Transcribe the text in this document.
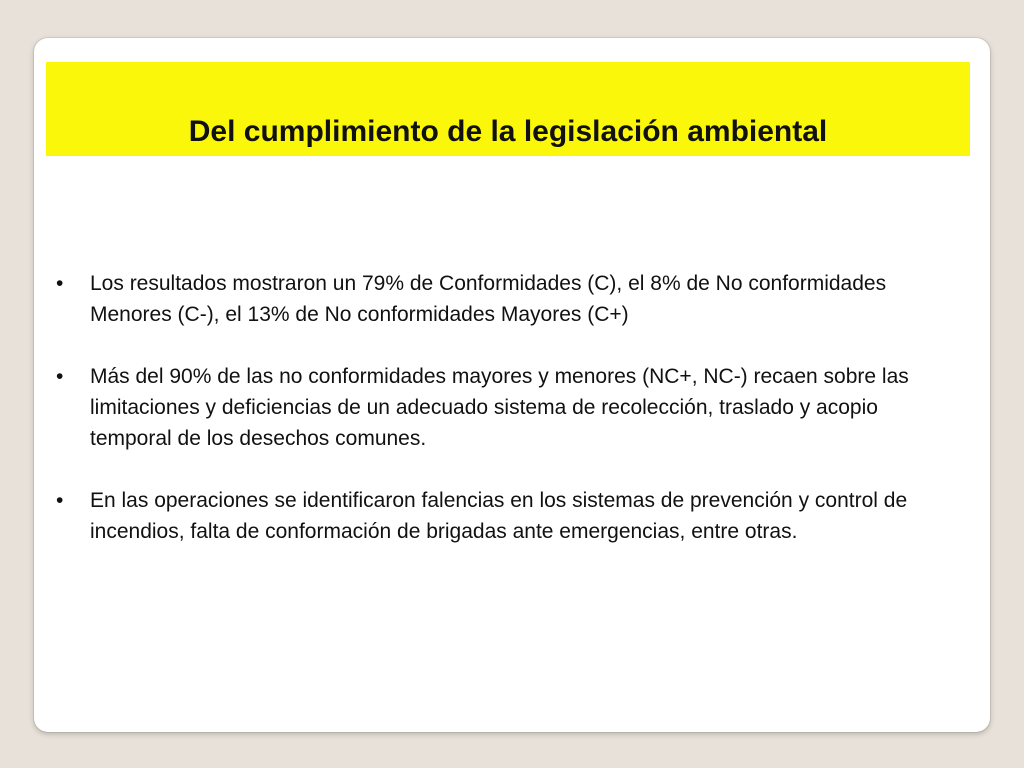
Del cumplimiento de la legislación ambiental
• Los resultados mostraron un 79% de Conformidades (C), el 8% de No conformidades Menores (C-), el 13% de No conformidades Mayores (C+)
• Más del 90% de las no conformidades mayores y menores (NC+, NC-) recaen sobre las limitaciones y deficiencias de un adecuado sistema de recolección, traslado y acopio temporal de los desechos comunes.
• En las operaciones se identificaron falencias en los sistemas de prevención y control de incendios, falta de conformación de brigadas ante emergencias, entre otras.
